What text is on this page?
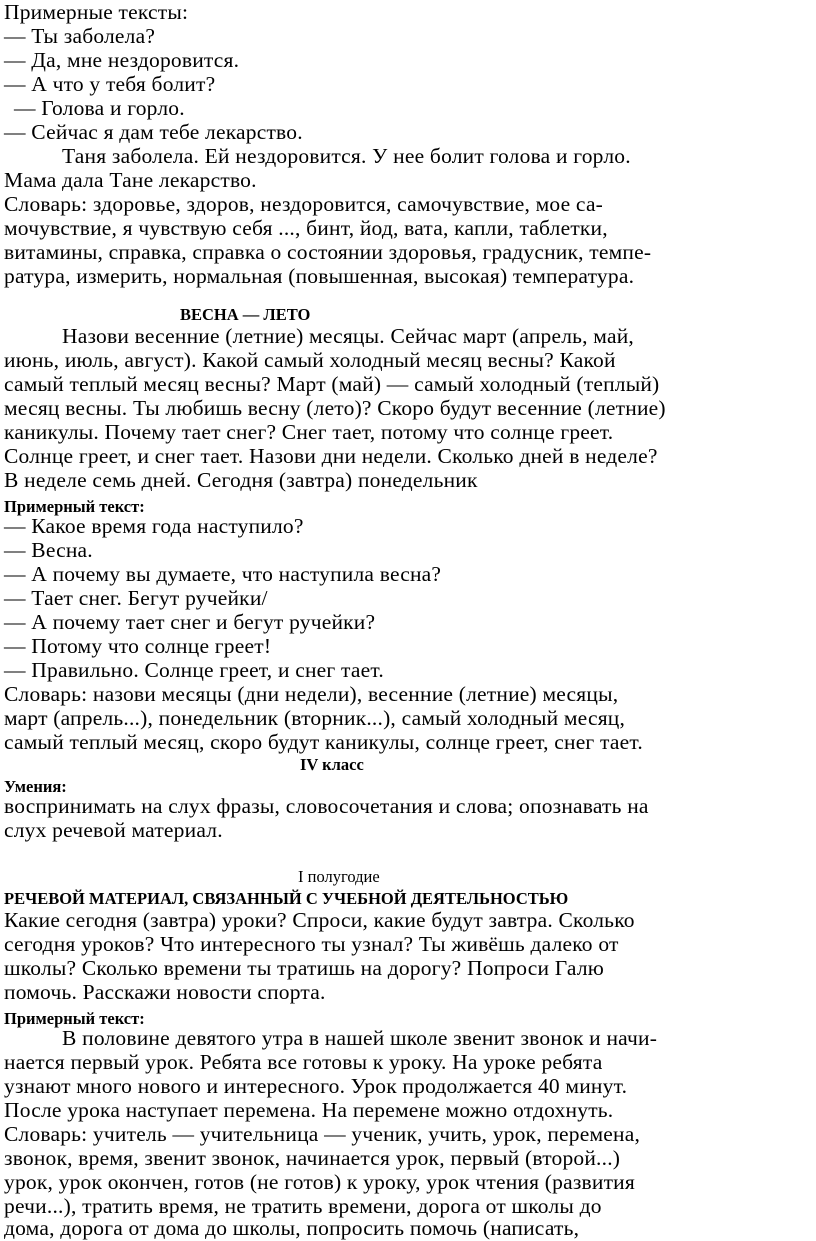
Примерные тексты:
— Ты заболела?
— Да, мне нездоровится.
— А что у тебя болит?
— Голова и горло.
— Сейчас я дам тебе лекарство.
Таня заболела. Ей нездоровится. У нее болит голова и горло.
Мама дала Тане лекарство.
Словарь: здоровье, здоров, нездоровится, самочувствие, мое са-
мочувствие, я чувствую себя ..., бинт, йод, вата, капли, таблетки,
витамины, справка, справка о состоянии здоровья, градусник, темпе-
ратура, измерить, нормальная (повышенная, высокая) температура.
ВЕСНА — ЛЕТО
Назови весенние (летние) месяцы. Сейчас март (апрель, май,
июнь, июль, август). Какой самый холодный месяц весны? Какой
самый теплый месяц весны? Март (май) — самый холодный (теплый)
месяц весны. Ты любишь весну (лето)? Скоро будут весенние (летние)
каникулы. Почему тает снег? Снег тает, потому что солнце греет.
Солнце греет, и снег тает. Назови дни недели. Сколько дней в неделе?
В неделе семь дней. Сегодня (завтра) понедельник
Примерный текст:
— Какое время года наступило?
— Весна.
— А почему вы думаете, что наступила весна?
— Тает снег. Бегут ручейки/
— А почему тает снег и бегут ручейки?
— Потому что солнце греет!
— Правильно. Солнце греет, и снег тает.
Словарь: назови месяцы (дни недели), весенние (летние) месяцы,
март (апрель...), понедельник (вторник...), самый холодный месяц,
самый теплый месяц, скоро будут каникулы, солнце греет, снег тает.
IV класс
Умения:
воспринимать на слух фразы, словосочетания и слова; опознавать на
слух речевой материал.
I полугодие
РЕЧЕВОЙ МАТЕРИАЛ, СВЯЗАННЫЙ С УЧЕБНОЙ ДЕЯТЕЛЬНОСТЬЮ
Какие сегодня (завтра) уроки? Спроси, какие будут завтра. Сколько
сегодня уроков? Что интересного ты узнал? Ты живёшь далеко от
школы? Сколько времени ты тратишь на дорогу? Попроси Галю
помочь. Расскажи новости спорта.
Примерный текст:
В половине девятого утра в нашей школе звенит звонок и начи-
нается первый урок. Ребята все готовы к уроку. На уроке ребята
узнают много нового и интересного. Урок продолжается 40 минут.
После урока наступает перемена. На перемене можно отдохнуть.
Словарь: учитель — учительница — ученик, учить, урок, перемена,
звонок, время, звенит звонок, начинается урок, первый (второй...)
урок, урок окончен, готов (не готов) к уроку, урок чтения (развития
речи...), тратить время, не тратить времени, дорога от школы до
дома, дорога от дома до школы, попросить помочь (написать,
